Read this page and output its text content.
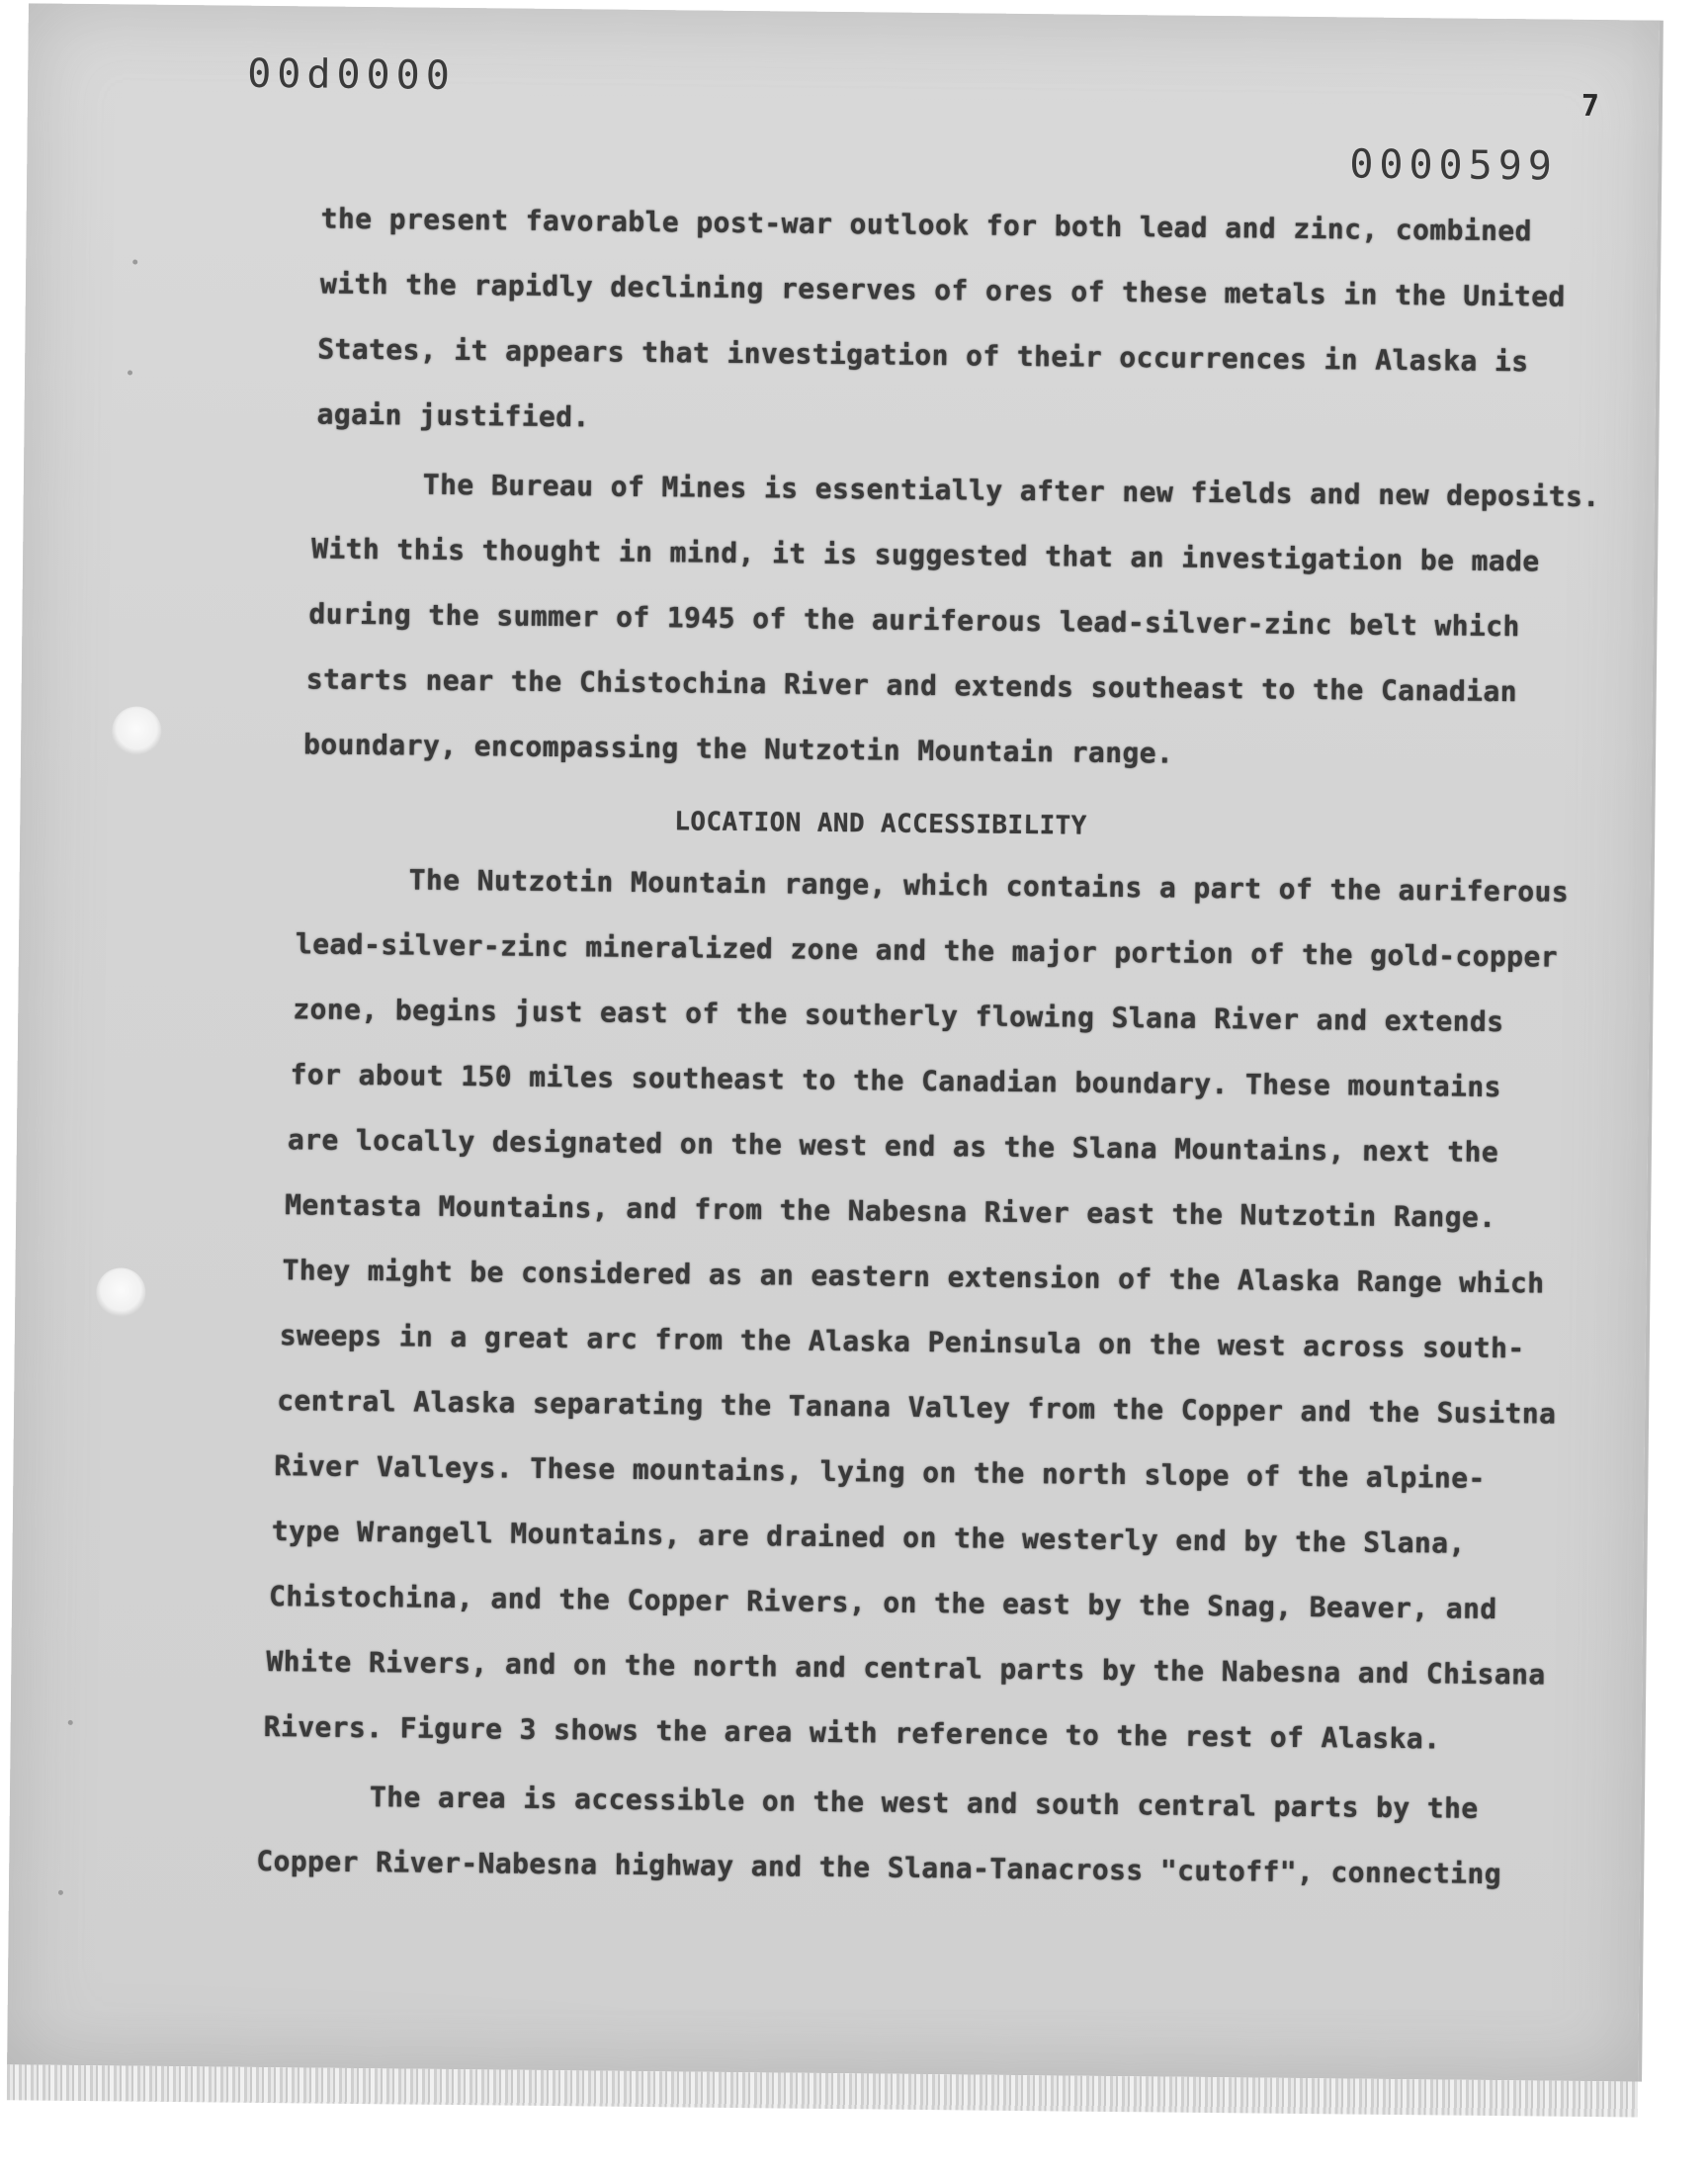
00d0000
0000599
7
the present favorable post-war outlook for both lead and zinc, combined
with the rapidly declining reserves of ores of these metals in the United
States, it appears that investigation of their occurrences in Alaska is
again justified.
The Bureau of Mines is essentially after new fields and new deposits.
With this thought in mind, it is suggested that an investigation be made
during the summer of 1945 of the auriferous lead-silver-zinc belt which
starts near the Chistochina River and extends southeast to the Canadian
boundary, encompassing the Nutzotin Mountain range.
LOCATION AND ACCESSIBILITY
The Nutzotin Mountain range, which contains a part of the auriferous
lead-silver-zinc mineralized zone and the major portion of the gold-copper
zone, begins just east of the southerly flowing Slana River and extends
for about 150 miles southeast to the Canadian boundary. These mountains
are locally designated on the west end as the Slana Mountains, next the
Mentasta Mountains, and from the Nabesna River east the Nutzotin Range.
They might be considered as an eastern extension of the Alaska Range which
sweeps in a great arc from the Alaska Peninsula on the west across south-
central Alaska separating the Tanana Valley from the Copper and the Susitna
River Valleys. These mountains, lying on the north slope of the alpine-
type Wrangell Mountains, are drained on the westerly end by the Slana,
Chistochina, and the Copper Rivers, on the east by the Snag, Beaver, and
White Rivers, and on the north and central parts by the Nabesna and Chisana
Rivers. Figure 3 shows the area with reference to the rest of Alaska.
The area is accessible on the west and south central parts by the
Copper River-Nabesna highway and the Slana-Tanacross "cutoff", connecting
